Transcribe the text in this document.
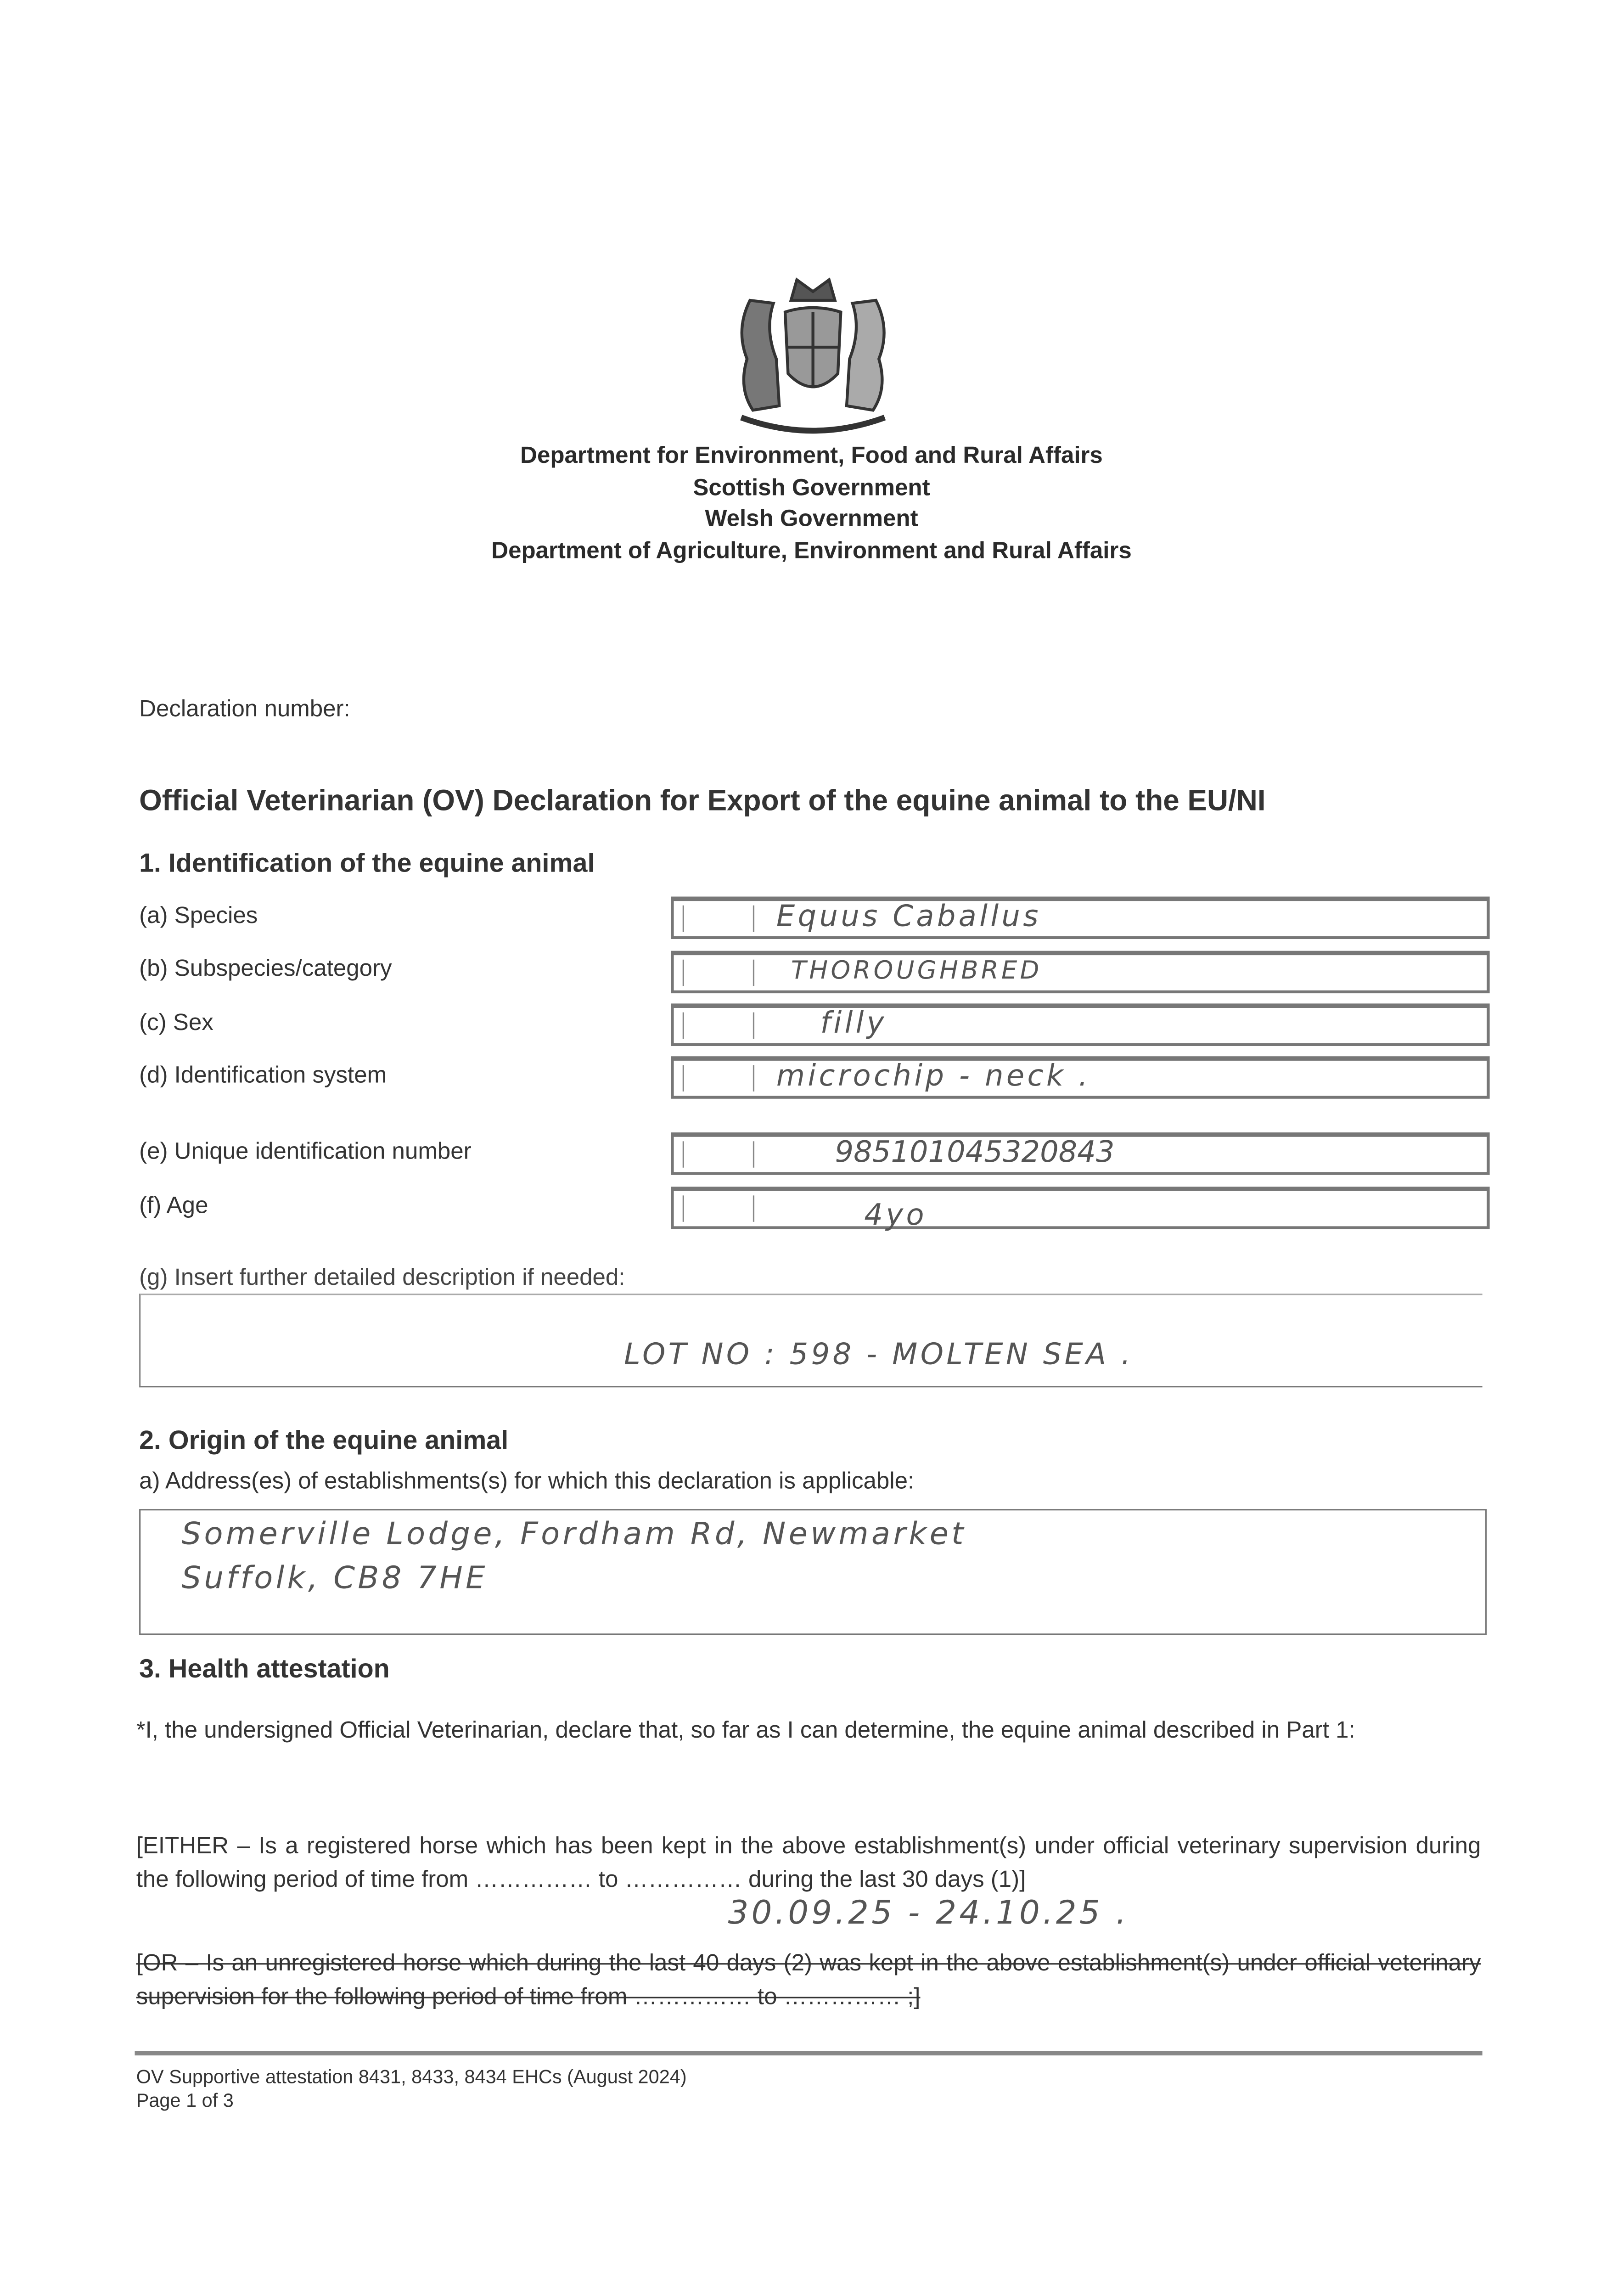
Department for Environment, Food and Rural Affairs
Scottish Government
Welsh Government
Department of Agriculture, Environment and Rural Affairs
Declaration number:
Official Veterinarian (OV) Declaration for Export of the equine animal to the EU/NI
1. Identification of the equine animal
(a) Species	Equus Caballus
(b) Subspecies/category	THOROUGHBRED
(c) Sex	filly
(d) Identification system	microchip - neck .
(e) Unique identification number	985101045320843
(f) Age	4yo
(g) Insert further detailed description if needed:
LOT NO : 598 - MOLTEN SEA .
2. Origin of the equine animal
a) Address(es) of establishments(s) for which this declaration is applicable:
Somerville Lodge, Fordham Rd, Newmarket
Suffolk, CB8 7HE
3. Health attestation
*I, the undersigned Official Veterinarian, declare that, so far as I can determine, the equine animal described in Part 1:
[EITHER – Is a registered horse which has been kept in the above establishment(s) under official veterinary supervision during the following period of time from …………… to …………… during the last 30 days (1)]
30.09.25 - 24.10.25 .
[OR – Is an unregistered horse which during the last 40 days (2) was kept in the above establishment(s) under official veterinary supervision for the following period of time from …………… to …………… ;]
OV Supportive attestation 8431, 8433, 8434 EHCs (August 2024)
Page 1 of 3
